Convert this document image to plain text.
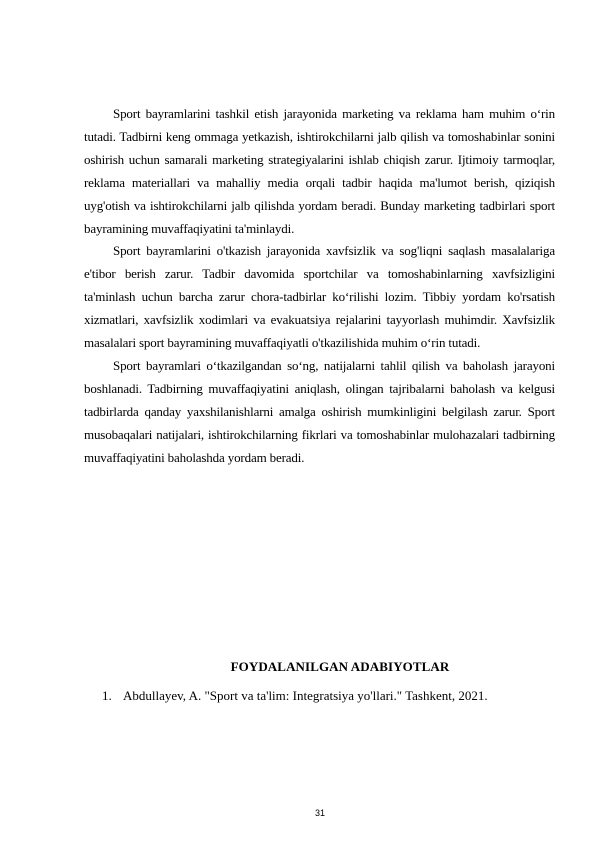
Sport bayramlarini tashkil etish jarayonida marketing va reklama ham muhim o‘rin tutadi. Tadbirni keng ommaga yetkazish, ishtirokchilarni jalb qilish va tomoshabinlar sonini oshirish uchun samarali marketing strategiyalarini ishlab chiqish zarur. Ijtimoiy tarmoqlar, reklama materiallari va mahalliy media orqali tadbir haqida ma'lumot berish, qiziqish uyg'otish va ishtirokchilarni jalb qilishda yordam beradi. Bunday marketing tadbirlari sport bayramining muvaffaqiyatini ta'minlaydi.

Sport bayramlarini o'tkazish jarayonida xavfsizlik va sog'liqni saqlash masalalariga e'tibor berish zarur. Tadbir davomida sportchilar va tomoshabinlarning xavfsizligini ta'minlash uchun barcha zarur chora-tadbirlar ko‘rilishi lozim. Tibbiy yordam ko'rsatish xizmatlari, xavfsizlik xodimlari va evakuatsiya rejalarini tayyorlash muhimdir. Xavfsizlik masalalari sport bayramining muvaffaqiyatli o'tkazilishida muhim o‘rin tutadi.

Sport bayramlari o‘tkazilgandan so‘ng, natijalarni tahlil qilish va baholash jarayoni boshlanadi. Tadbirning muvaffaqiyatini aniqlash, olingan tajribalarni baholash va kelgusi tadbirlarda qanday yaxshilanishlarni amalga oshirish mumkinligini belgilash zarur. Sport musobaqalari natijalari, ishtirokchilarning fikrlari va tomoshabinlar mulohazalari tadbirning muvaffaqiyatini baholashda yordam beradi.

FOYDALANILGAN ADABIYOTLAR
1. Abdullayev, A. "Sport va ta'lim: Integratsiya yo'llari." Tashkent, 2021.
31
